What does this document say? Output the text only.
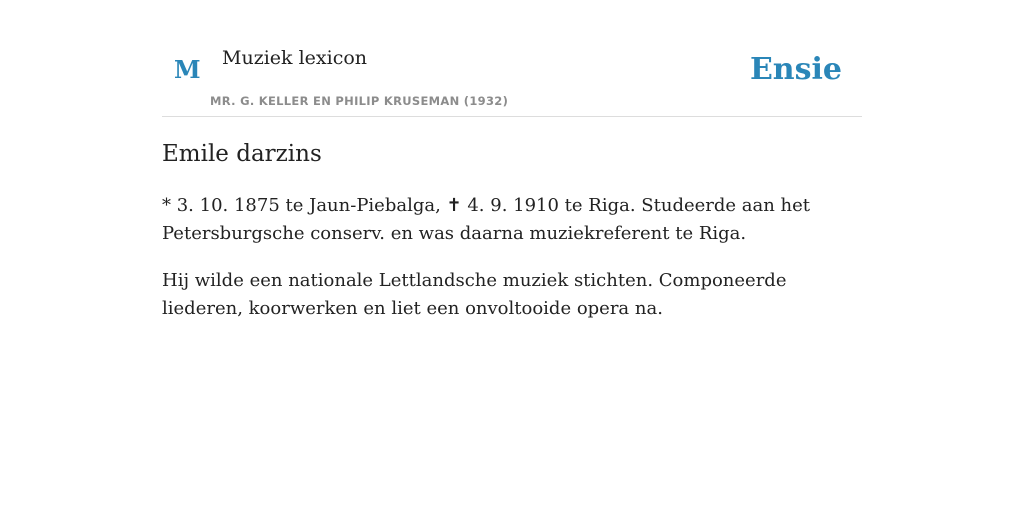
M Muziek lexicon
MR. G. KELLER EN PHILIP KRUSEMAN (1932)
Ensie
Emile darzins

* 3. 10. 1875 te Jaun-Piebalga, ✝ 4. 9. 1910 te Riga. Studeerde aan het Petersburgsche conserv. en was daarna muziekreferent te Riga.

Hij wilde een nationale Lettlandsche muziek stichten. Componeerde liederen, koorwerken en liet een onvoltooide opera na.
